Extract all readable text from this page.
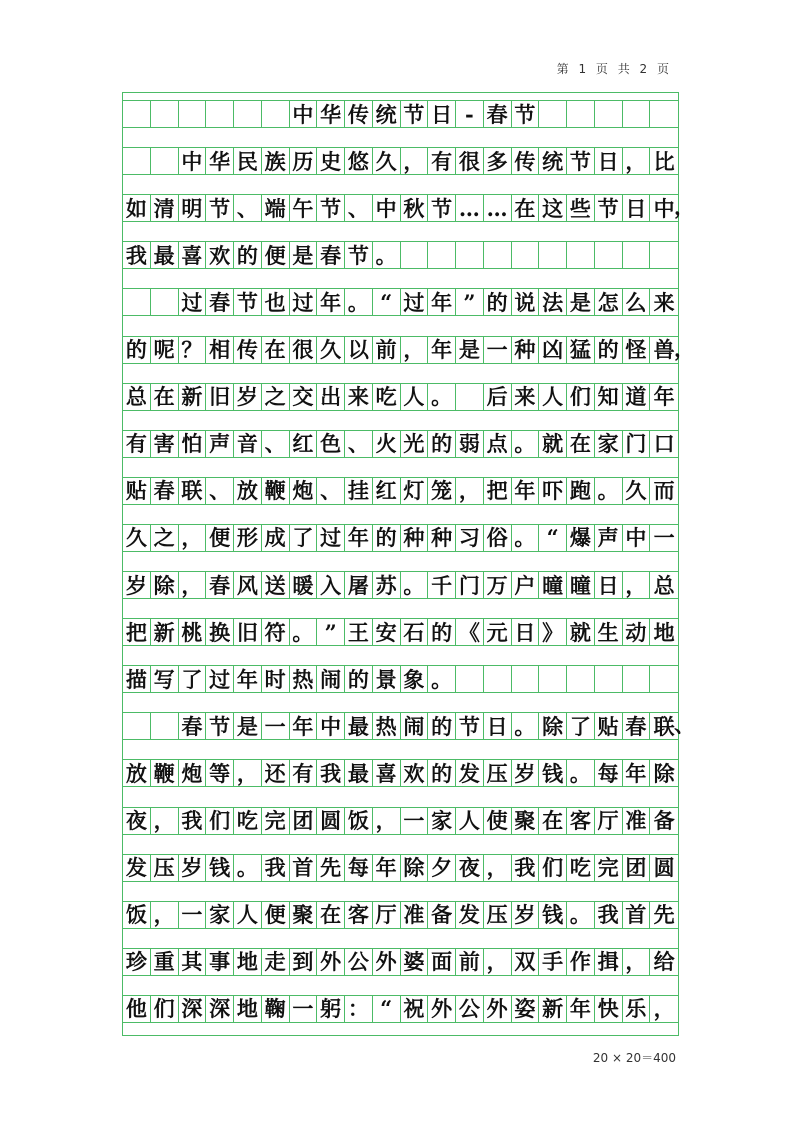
第 1 页 共 2 页
中 华 传 统 节 日 - 春 节
中 华 民 族 历 史 悠 久 ， 有 很 多 传 统 节 日 ， 比
如 清 明 节 、 端 午 节 、 中 秋 节 … … 在 这 些 节 日 中 ，
我 最 喜 欢 的 便 是 春 节 。
过 春 节 也 过 年 。 “ 过 年 ” 的 说 法 是 怎 么 来
的 呢 ？ 相 传 在 很 久 以 前 ， 年 是 一 种 凶 猛 的 怪 兽 ，
总 在 新 旧 岁 之 交 出 来 吃 人 。 后 来 人 们 知 道 年
有 害 怕 声 音 、 红 色 、 火 光 的 弱 点 。 就 在 家 门 口
贴 春 联 、 放 鞭 炮 、 挂 红 灯 笼 ， 把 年 吓 跑 。 久 而
久 之 ， 便 形 成 了 过 年 的 种 种 习 俗 。 “ 爆 声 中 一
岁 除 ， 春 风 送 暖 入 屠 苏 。 千 门 万 户 曈 曈 日 ， 总
把 新 桃 换 旧 符 。 ” 王 安 石 的 《 元 日 》 就 生 动 地
描 写 了 过 年 时 热 闹 的 景 象 。
春 节 是 一 年 中 最 热 闹 的 节 日 。 除 了 贴 春 联 、
放 鞭 炮 等 ， 还 有 我 最 喜 欢 的 发 压 岁 钱 。 每 年 除
夜 ， 我 们 吃 完 团 圆 饭 ， 一 家 人 使 聚 在 客 厅 准 备
发 压 岁 钱 。 我 首 先 每 年 除 夕 夜 ， 我 们 吃 完 团 圆
饭 ， 一 家 人 便 聚 在 客 厅 准 备 发 压 岁 钱 。 我 首 先
珍 重 其 事 地 走 到 外 公 外 婆 面 前 ， 双 手 作 揖 ， 给
他 们 深 深 地 鞠 一 躬 ： “ 祝 外 公 外 姿 新 年 快 乐 ，
20 × 20＝400
